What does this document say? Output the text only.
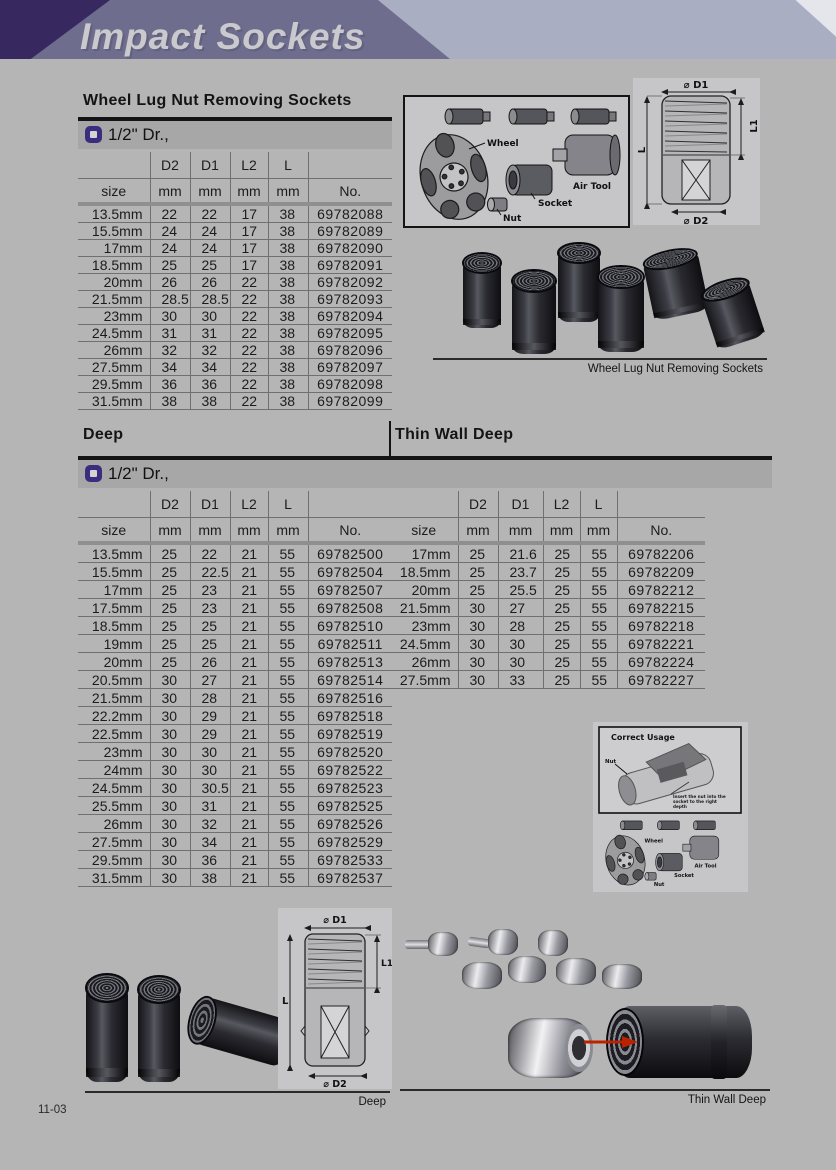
Impact Sockets
Wheel Lug Nut Removing Sockets
1/2" Dr.,
	D2	D1	L2	L	
size	mm	mm	mm	mm	No.
13.5mm	22	22	17	38	69782088
15.5mm	24	24	17	38	69782089
17mm	24	24	17	38	69782090
18.5mm	25	25	17	38	69782091
20mm	26	26	22	38	69782092
21.5mm	28.5	28.5	22	38	69782093
23mm	30	30	22	38	69782094
24.5mm	31	31	22	38	69782095
26mm	32	32	22	38	69782096
27.5mm	34	34	22	38	69782097
29.5mm	36	36	22	38	69782098
31.5mm	38	38	22	38	69782099
Wheel
Nut
Socket
Air Tool
⌀ D1
L
L1
⌀ D2
Wheel Lug Nut Removing Sockets
Deep	Thin Wall Deep
1/2" Dr.,
	D2	D1	L2	L	
size	mm	mm	mm	mm	No.
13.5mm	25	22	21	55	69782500
15.5mm	25	22.5	21	55	69782504
17mm	25	23	21	55	69782507
17.5mm	25	23	21	55	69782508
18.5mm	25	25	21	55	69782510
19mm	25	25	21	55	69782511
20mm	25	26	21	55	69782513
20.5mm	30	27	21	55	69782514
21.5mm	30	28	21	55	69782516
22.2mm	30	29	21	55	69782518
22.5mm	30	29	21	55	69782519
23mm	30	30	21	55	69782520
24mm	30	30	21	55	69782522
24.5mm	30	30.5	21	55	69782523
25.5mm	30	31	21	55	69782525
26mm	30	32	21	55	69782526
27.5mm	30	34	21	55	69782529
29.5mm	30	36	21	55	69782533
31.5mm	30	38	21	55	69782537
	D2	D1	L2	L	
size	mm	mm	mm	mm	No.
17mm	25	21.6	25	55	69782206
18.5mm	25	23.7	25	55	69782209
20mm	25	25.5	25	55	69782212
21.5mm	30	27	25	55	69782215
23mm	30	28	25	55	69782218
24.5mm	30	30	25	55	69782221
26mm	30	30	25	55	69782224
27.5mm	30	33	25	55	69782227
Correct Usage
Nut
Insert the nut into the
socket to the right
depth
Wheel
Nut
Socket
Air Tool
⌀ D1
L
L1
⌀ D2
Deep	Thin Wall Deep
11-03
